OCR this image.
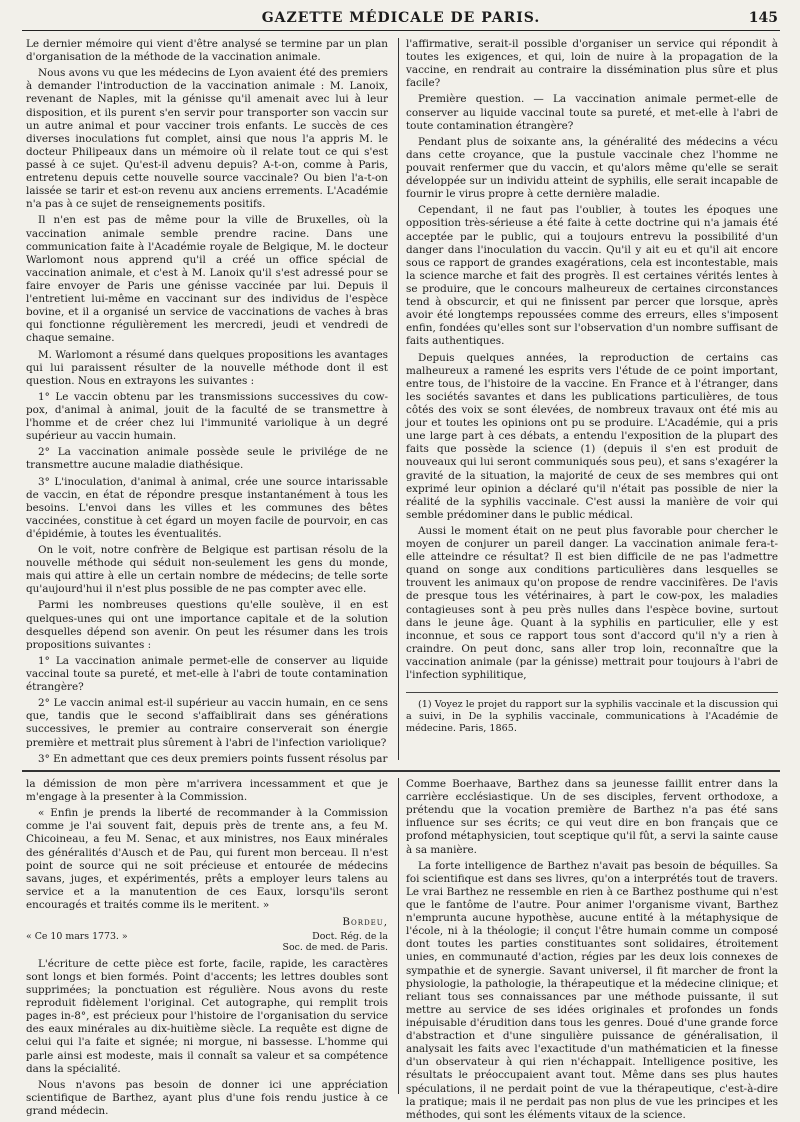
GAZETTE MÉDICALE DE PARIS.	145

Le dernier mémoire qui vient d'être analysé se termine par un plan d'organisation de la méthode de la vaccination animale.

Nous avons vu que les médecins de Lyon avaient été des premiers à demander l'introduction de la vaccination animale : M. Lanoix, revenant de Naples, mit la génisse qu'il amenait avec lui à leur disposition, et ils purent s'en servir pour transporter son vaccin sur un autre animal et pour vacciner trois enfants. Le succès de ces diverses inoculations fut complet, ainsi que nous l'a appris M. le docteur Philipeaux dans un mémoire où il relate tout ce qui s'est passé à ce sujet. Qu'est-il advenu depuis? A-t-on, comme à Paris, entretenu depuis cette nouvelle source vaccinale? Ou bien l'a-t-on laissée se tarir et est-on revenu aux anciens errements. L'Académie n'a pas à ce sujet de renseignements positifs.

Il n'en est pas de même pour la ville de Bruxelles, où la vaccination animale semble prendre racine. Dans une communication faite à l'Académie royale de Belgique, M. le docteur Warlomont nous apprend qu'il a créé un office spécial de vaccination animale, et c'est à M. Lanoix qu'il s'est adressé pour se faire envoyer de Paris une génisse vaccinée par lui. Depuis il l'entretient lui-même en vaccinant sur des individus de l'espèce bovine, et il a organisé un service de vaccinations de vaches à bras qui fonctionne régulièrement les mercredi, jeudi et vendredi de chaque semaine.

M. Warlomont a résumé dans quelques propositions les avantages qui lui paraissent résulter de la nouvelle méthode dont il est question. Nous en extrayons les suivantes :

1° Le vaccin obtenu par les transmissions successives du cow-pox, d'animal à animal, jouit de la faculté de se transmettre à l'homme et de créer chez lui l'immunité variolique à un degré supérieur au vaccin humain.

2° La vaccination animale possède seule le privilége de ne transmettre aucune maladie diathésique.

3° L'inoculation, d'animal à animal, crée une source intarissable de vaccin, en état de répondre presque instantanément à tous les besoins. L'envoi dans les villes et les communes des bêtes vaccinées, constitue à cet égard un moyen facile de pourvoir, en cas d'épidémie, à toutes les éventualités.

On le voit, notre confrère de Belgique est partisan résolu de la nouvelle méthode qui séduit non-seulement les gens du monde, mais qui attire à elle un certain nombre de médecins; de telle sorte qu'aujourd'hui il n'est plus possible de ne pas compter avec elle.

Parmi les nombreuses questions qu'elle soulève, il en est quelques-unes qui ont une importance capitale et de la solution desquelles dépend son avenir. On peut les résumer dans les trois propositions suivantes :

1° La vaccination animale permet-elle de conserver au liquide vaccinal toute sa pureté, et met-elle à l'abri de toute contamination étrangère?

2° Le vaccin animal est-il supérieur au vaccin humain, en ce sens que, tandis que le second s'affaiblirait dans ses générations successives, le premier au contraire conserverait son énergie première et mettrait plus sûrement à l'abri de l'infection variolique?

3° En admettant que ces deux premiers points fussent résolus par

l'affirmative, serait-il possible d'organiser un service qui répondit à toutes les exigences, et qui, loin de nuire à la propagation de la vaccine, en rendrait au contraire la dissémination plus sûre et plus facile?

Première question. — La vaccination animale permet-elle de conserver au liquide vaccinal toute sa pureté, et met-elle à l'abri de toute contamination étrangère?

Pendant plus de soixante ans, la généralité des médecins a vécu dans cette croyance, que la pustule vaccinale chez l'homme ne pouvait renfermer que du vaccin, et qu'alors même qu'elle se serait développée sur un individu atteint de syphilis, elle serait incapable de fournir le virus propre à cette dernière maladie.

Cependant, il ne faut pas l'oublier, à toutes les époques une opposition très-sérieuse a été faite à cette doctrine qui n'a jamais été acceptée par le public, qui a toujours entrevu la possibilité d'un danger dans l'inoculation du vaccin. Qu'il y ait eu et qu'il ait encore sous ce rapport de grandes exagérations, cela est incontestable, mais la science marche et fait des progrès. Il est certaines vérités lentes à se produire, que le concours malheureux de certaines circonstances tend à obscurcir, et qui ne finissent par percer que lorsque, après avoir été longtemps repoussées comme des erreurs, elles s'imposent enfin, fondées qu'elles sont sur l'observation d'un nombre suffisant de faits authentiques.

Depuis quelques années, la reproduction de certains cas malheureux a ramené les esprits vers l'étude de ce point important, entre tous, de l'histoire de la vaccine. En France et à l'étranger, dans les sociétés savantes et dans les publications particulières, de tous côtés des voix se sont élevées, de nombreux travaux ont été mis au jour et toutes les opinions ont pu se produire. L'Académie, qui a pris une large part à ces débats, a entendu l'exposition de la plupart des faits que possède la science (1) (depuis il s'en est produit de nouveaux qui lui seront communiqués sous peu), et sans s'exagérer la gravité de la situation, la majorité de ceux de ses membres qui ont exprimé leur opinion a déclaré qu'il n'était pas possible de nier la réalité de la syphilis vaccinale. C'est aussi la manière de voir qui semble prédominer dans le public médical.

Aussi le moment était on ne peut plus favorable pour chercher le moyen de conjurer un pareil danger. La vaccination animale fera-t-elle atteindre ce résultat? Il est bien difficile de ne pas l'admettre quand on songe aux conditions particulières dans lesquelles se trouvent les animaux qu'on propose de rendre vaccinifères. De l'avis de presque tous les vétérinaires, à part le cow-pox, les maladies contagieuses sont à peu près nulles dans l'espèce bovine, surtout dans le jeune âge. Quant à la syphilis en particulier, elle y est inconnue, et sous ce rapport tous sont d'accord qu'il n'y a rien à craindre. On peut donc, sans aller trop loin, reconnaître que la vaccination animale (par la génisse) mettrait pour toujours à l'abri de l'infection syphilitique,

(1) Voyez le projet du rapport sur la syphilis vaccinale et la discussion qui a suivi, in De la syphilis vaccinale, communications à l'Académie de médecine. Paris, 1865.

la démission de mon père m'arrivera incessamment et que je m'engage à la presenter à la Commission.

« Enfin je prends la liberté de recommander à la Commission comme je l'ai souvent fait, depuis près de trente ans, a feu M. Chicoineau, a feu M. Senac, et aux ministres, nos Eaux minérales des généralités d'Ausch et de Pau, qui furent mon berceau. Il n'est point de source qui ne soit précieuse et entourée de médecins savans, juges, et expérimentés, prêts a employer leurs talens au service et a la manutention de ces Eaux, lorsqu'ils seront encouragés et traités comme ils le meritent. »

Bordeu,
« Ce 10 mars 1773. »	Doct. Rég. de la
Soc. de med. de Paris.

L'écriture de cette pièce est forte, facile, rapide, les caractères sont longs et bien formés. Point d'accents; les lettres doubles sont supprimées; la ponctuation est régulière. Nous avons du reste reproduit fidèlement l'original. Cet autographe, qui remplit trois pages in-8°, est précieux pour l'histoire de l'organisation du service des eaux minérales au dix-huitième siècle. La requête est digne de celui qui l'a faite et signée; ni morgue, ni bassesse. L'homme qui parle ainsi est modeste, mais il connaît sa valeur et sa compétence dans la spécialité.

Nous n'avons pas besoin de donner ici une appréciation scientifique de Barthez, ayant plus d'une fois rendu justice à ce grand médecin.

Comme Boerhaave, Barthez dans sa jeunesse faillit entrer dans la carrière ecclésiastique. Un de ses disciples, fervent orthodoxe, a prétendu que la vocation première de Barthez n'a pas été sans influence sur ses écrits; ce qui veut dire en bon français que ce profond métaphysicien, tout sceptique qu'il fût, a servi la sainte cause à sa manière.

La forte intelligence de Barthez n'avait pas besoin de béquilles. Sa foi scientifique est dans ses livres, qu'on a interprétés tout de travers. Le vrai Barthez ne ressemble en rien à ce Barthez posthume qui n'est que le fantôme de l'autre. Pour animer l'organisme vivant, Barthez n'emprunta aucune hypothèse, aucune entité à la métaphysique de l'école, ni à la théologie; il conçut l'être humain comme un composé dont toutes les parties constituantes sont solidaires, étroitement unies, en communauté d'action, régies par les deux lois connexes de sympathie et de synergie. Savant universel, il fit marcher de front la physiologie, la pathologie, la thérapeutique et la médecine clinique; et reliant tous ses connaissances par une méthode puissante, il sut mettre au service de ses idées originales et profondes un fonds inépuisable d'érudition dans tous les genres. Doué d'une grande force d'abstraction et d'une singulière puissance de généralisation, il analysait les faits avec l'exactitude d'un mathématicien et la finesse d'un observateur à qui rien n'échappait. Intelligence positive, les résultats le préoccupaient avant tout. Même dans ses plus hautes spéculations, il ne perdait point de vue la thérapeutique, c'est-à-dire la pratique; mais il ne perdait pas non plus de vue les principes et les méthodes, qui sont les éléments vitaux de la science.
